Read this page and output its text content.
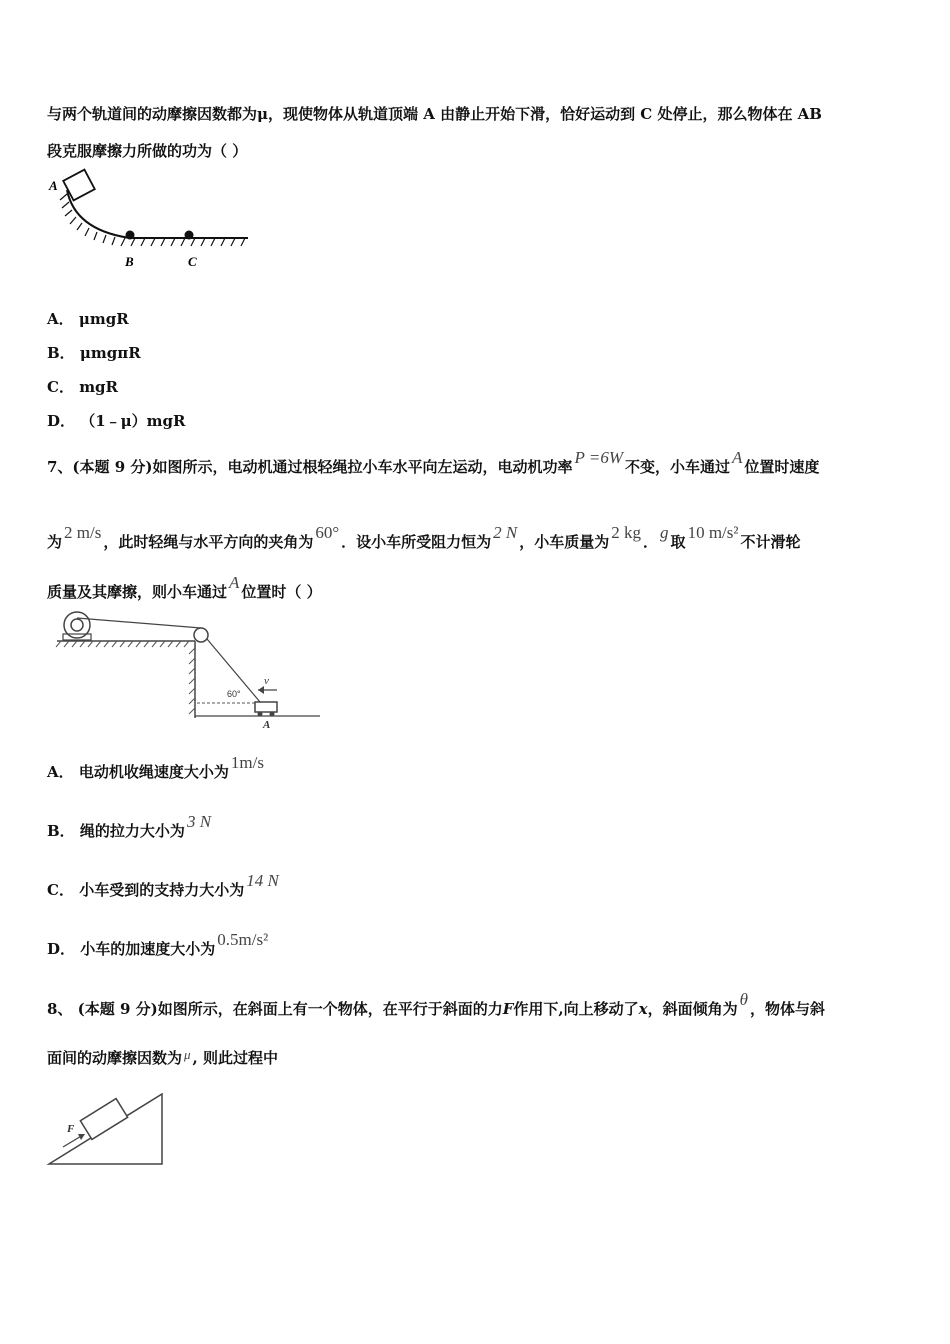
与两个轨道间的动摩擦因数都为μ，现使物体从轨道顶端 A 由静止开始下滑，恰好运动到 C 处停止，那么物体在 AB
段克服摩擦力所做的功为（ ）
A
B	C
A． μmgR
B． μmgπR
C． mgR
D． （1﹣μ）mgR
7、(本题 9 分)如图所示，电动机通过根轻绳拉小车水平向左运动，电动机功率 P =6W 不变，小车通过 A 位置时速度
为 2 m/s ，此时轻绳与水平方向的夹角为 60° ．设小车所受阻力恒为 2 N ，小车质量为 2 kg ． g 取 10 m/s² 不计滑轮
质量及其摩擦，则小车通过 A 位置时（ ）
v
60°
A
A． 电动机收绳速度大小为 1m/s
B． 绳的拉力大小为 3 N
C． 小车受到的支持力大小为 14 N
D． 小车的加速度大小为 0.5m/s²
8、 (本题 9 分)如图所示，在斜面上有一个物体，在平行于斜面的力F作用下,向上移动了x，斜面倾角为 θ ，物体与斜
面间的动摩擦因数为 μ , 则此过程中
F
